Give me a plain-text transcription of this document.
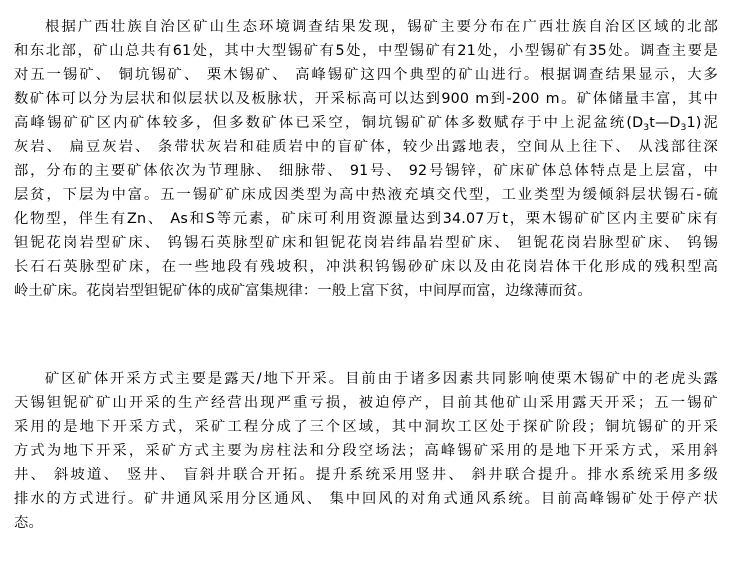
根据广西壮族自治区矿山生态环境调查结果发现，锡矿主要分布在广西壮族自治区区域的北部
和东北部，矿山总共有61处，其中大型锡矿有5处，中型锡矿有21处，小型锡矿有35处。调查主要是
对五一锡矿、 铜坑锡矿、 栗木锡矿、 高峰锡矿这四个典型的矿山进行。根据调查结果显示，大多
数矿体可以分为层状和似层状以及板脉状，开采标高可以达到900 m到-200 m。矿体储量丰富，其中
高峰锡矿矿区内矿体较多，但多数矿体已采空，铜坑锡矿矿体多数赋存于中上泥盆统$(D_3t—D_31)$泥
灰岩、 扁豆灰岩、 条带状灰岩和硅质岩中的盲矿体，较少出露地表，空间从上往下、 从浅部往深
部，分布的主要矿体依次为节理脉、 细脉带、 91号、 92号锡锌，矿床矿体总体特点是上层富，中
层贫，下层为中富。五一锡矿矿床成因类型为高中热液充填交代型，工业类型为缓倾斜层状锡石-硫
化物型，伴生有Zn、 As和S等元素，矿床可利用资源量达到34.07万t，栗木锡矿矿区内主要矿床有
钽铌花岗岩型矿床、 钨锡石英脉型矿床和钽铌花岗岩纬晶岩型矿床、 钽铌花岗岩脉型矿床、 钨锡
长石石英脉型矿床，在一些地段有残坡积，冲洪积钨锡砂矿床以及由花岗岩体干化形成的残积型高
岭土矿床。花岗岩型钽铌矿体的成矿富集规律：一般上富下贫，中间厚而富，边缘薄而贫。
矿区矿体开采方式主要是露天/地下开采。目前由于诸多因素共同影响使栗木锡矿中的老虎头露
天锡钽铌矿矿山开采的生产经营出现严重亏损，被迫停产，目前其他矿山采用露天开采；五一锡矿
采用的是地下开采方式，采矿工程分成了三个区域，其中洞坎工区处于探矿阶段；铜坑锡矿的开采
方式为地下开采，采矿方式主要为房柱法和分段空场法；高峰锡矿采用的是地下开采方式，采用斜
井、 斜坡道、 竖井、 盲斜井联合开拓。提升系统采用竖井、 斜井联合提升。排水系统采用多级
排水的方式进行。矿井通风采用分区通风、 集中回风的对角式通风系统。目前高峰锡矿处于停产状
态。
